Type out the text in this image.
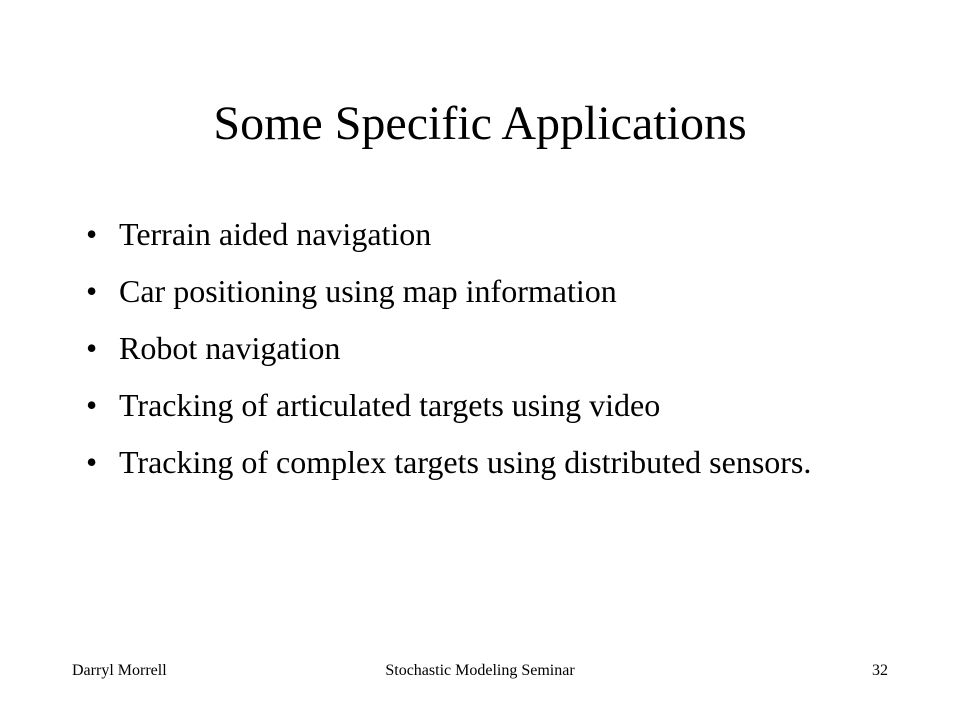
Some Specific Applications
• Terrain aided navigation
• Car positioning using map information
• Robot navigation
• Tracking of articulated targets using video
• Tracking of complex targets using distributed sensors.
Darryl Morrell	Stochastic Modeling Seminar	32
